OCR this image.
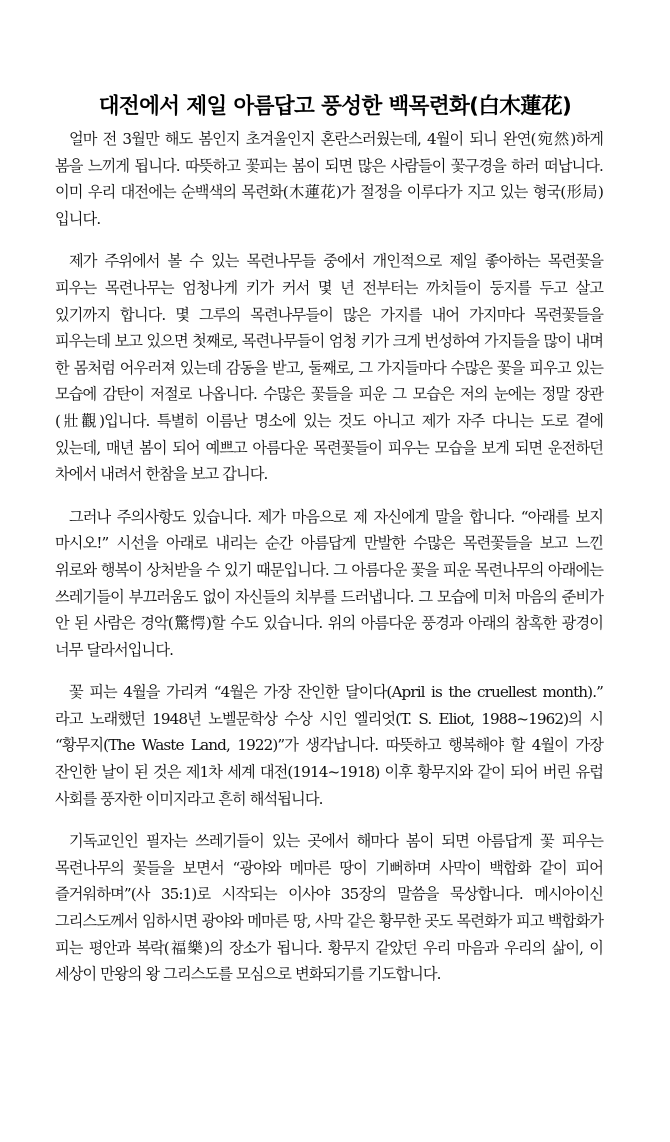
대전에서 제일 아름답고 풍성한 백목련화(白木蓮花)

얼마 전 3월만 해도 봄인지 초겨울인지 혼란스러웠는데, 4월이 되니 완연(宛然)하게 봄을 느끼게 됩니다. 따뜻하고 꽃피는 봄이 되면 많은 사람들이 꽃구경을 하러 떠납니다. 이미 우리 대전에는 순백색의 목련화(木蓮花)가 절정을 이루다가 지고 있는 형국(形局)입니다.

제가 주위에서 볼 수 있는 목련나무들 중에서 개인적으로 제일 좋아하는 목련꽃을 피우는 목련나무는 엄청나게 키가 커서 몇 년 전부터는 까치들이 둥지를 두고 살고 있기까지 합니다. 몇 그루의 목련나무들이 많은 가지를 내어 가지마다 목련꽃들을 피우는데 보고 있으면 첫째로, 목련나무들이 엄청 키가 크게 번성하여 가지들을 많이 내며 한 몸처럼 어우러져 있는데 감동을 받고, 둘째로, 그 가지들마다 수많은 꽃을 피우고 있는 모습에 감탄이 저절로 나옵니다. 수많은 꽃들을 피운 그 모습은 저의 눈에는 정말 장관(壯觀)입니다. 특별히 이름난 명소에 있는 것도 아니고 제가 자주 다니는 도로 곁에 있는데, 매년 봄이 되어 예쁘고 아름다운 목련꽃들이 피우는 모습을 보게 되면 운전하던 차에서 내려서 한참을 보고 갑니다.

그러나 주의사항도 있습니다. 제가 마음으로 제 자신에게 말을 합니다. “아래를 보지 마시오!” 시선을 아래로 내리는 순간 아름답게 만발한 수많은 목련꽃들을 보고 느낀 위로와 행복이 상처받을 수 있기 때문입니다. 그 아름다운 꽃을 피운 목련나무의 아래에는 쓰레기들이 부끄러움도 없이 자신들의 치부를 드러냅니다. 그 모습에 미처 마음의 준비가 안 된 사람은 경악(驚愕)할 수도 있습니다. 위의 아름다운 풍경과 아래의 참혹한 광경이 너무 달라서입니다.

꽃 피는 4월을 가리켜 “4월은 가장 잔인한 달이다(April is the cruellest month).” 라고 노래했던 1948년 노벨문학상 수상 시인 엘리엇(T. S. Eliot, 1988~1962)의 시 “황무지(The Waste Land, 1922)”가 생각납니다. 따뜻하고 행복해야 할 4월이 가장 잔인한 날이 된 것은 제1차 세계 대전(1914~1918) 이후 황무지와 같이 되어 버린 유럽 사회를 풍자한 이미지라고 흔히 해석됩니다.

기독교인인 필자는 쓰레기들이 있는 곳에서 해마다 봄이 되면 아름답게 꽃 피우는 목련나무의 꽃들을 보면서 “광야와 메마른 땅이 기뻐하며 사막이 백합화 같이 피어 즐거워하며”(사 35:1)로 시작되는 이사야 35장의 말씀을 묵상합니다. 메시아이신 그리스도께서 임하시면 광야와 메마른 땅, 사막 같은 황무한 곳도 목련화가 피고 백합화가 피는 평안과 복락(福樂)의 장소가 됩니다. 황무지 같았던 우리 마음과 우리의 삶이, 이 세상이 만왕의 왕 그리스도를 모심으로 변화되기를 기도합니다.
